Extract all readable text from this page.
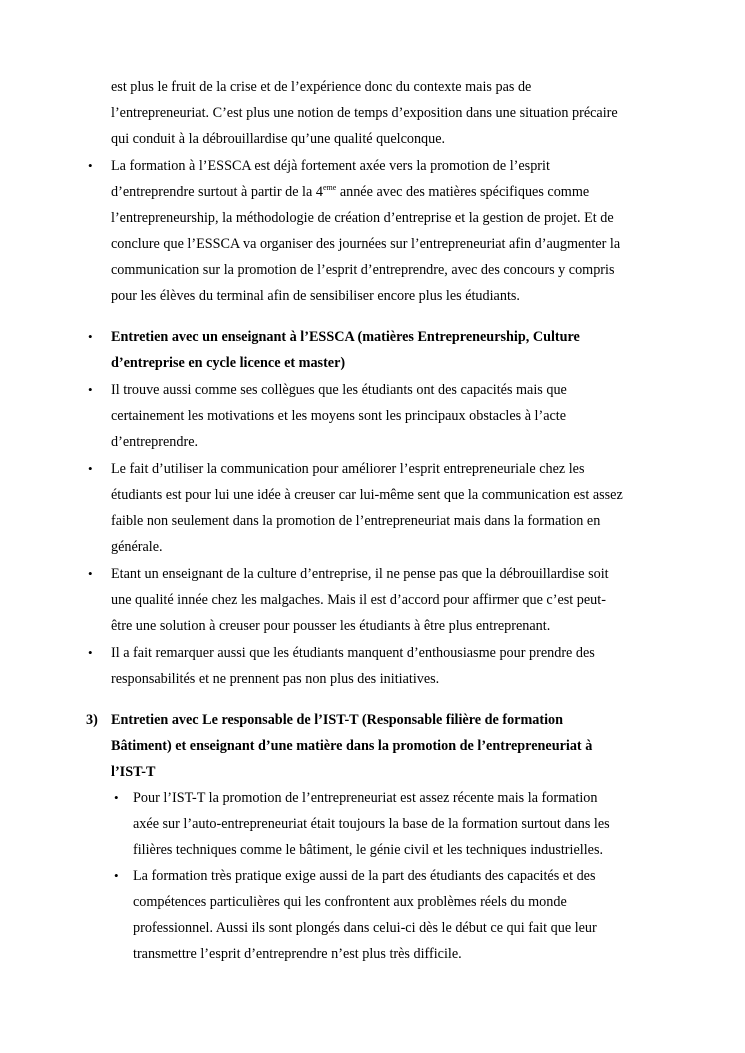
est plus le fruit de la crise et de l’expérience donc du contexte mais pas de
l’entrepreneuriat. C’est plus une notion de temps d’exposition dans une situation précaire
qui conduit à la débrouillardise qu’une qualité quelconque.
• La formation à l’ESSCA est déjà fortement axée vers la promotion de l’esprit
d’entreprendre surtout à partir de la 4eme année avec des matières spécifiques comme
l’entrepreneurship, la méthodologie de création d’entreprise et la gestion de projet. Et de
conclure que l’ESSCA va organiser des journées sur l’entrepreneuriat afin d’augmenter la
communication sur la promotion de l’esprit d’entreprendre, avec des concours y compris
pour les élèves du terminal afin de sensibiliser encore plus les étudiants.
• Entretien avec un enseignant à l’ESSCA (matières Entrepreneurship, Culture
d’entreprise en cycle licence et master)
• Il trouve aussi comme ses collègues que les étudiants ont des capacités mais que
certainement les motivations et les moyens sont les principaux obstacles à l’acte
d’entreprendre.
• Le fait d’utiliser la communication pour améliorer l’esprit entrepreneuriale chez les
étudiants est pour lui une idée à creuser car lui-même sent que la communication est assez
faible non seulement dans la promotion de l’entrepreneuriat mais dans la formation en
générale.
• Etant un enseignant de la culture d’entreprise, il ne pense pas que la débrouillardise soit
une qualité innée chez les malgaches. Mais il est d’accord pour affirmer que c’est peut-
être une solution à creuser pour pousser les étudiants à être plus entreprenant.
• Il a fait remarquer aussi que les étudiants manquent d’enthousiasme pour prendre des
responsabilités et ne prennent pas non plus des initiatives.
3) Entretien avec Le responsable de l’IST-T (Responsable filière de formation
Bâtiment) et enseignant d’une matière dans la promotion de l’entrepreneuriat à
l’IST-T
• Pour l’IST-T la promotion de l’entrepreneuriat est assez récente mais la formation
axée sur l’auto-entrepreneuriat était toujours la base de la formation surtout dans les
filières techniques comme le bâtiment, le génie civil et les techniques industrielles.
• La formation très pratique exige aussi de la part des étudiants des capacités et des
compétences particulières qui les confrontent aux problèmes réels du monde
professionnel. Aussi ils sont plongés dans celui-ci dès le début ce qui fait que leur
transmettre l’esprit d’entreprendre n’est plus très difficile.
